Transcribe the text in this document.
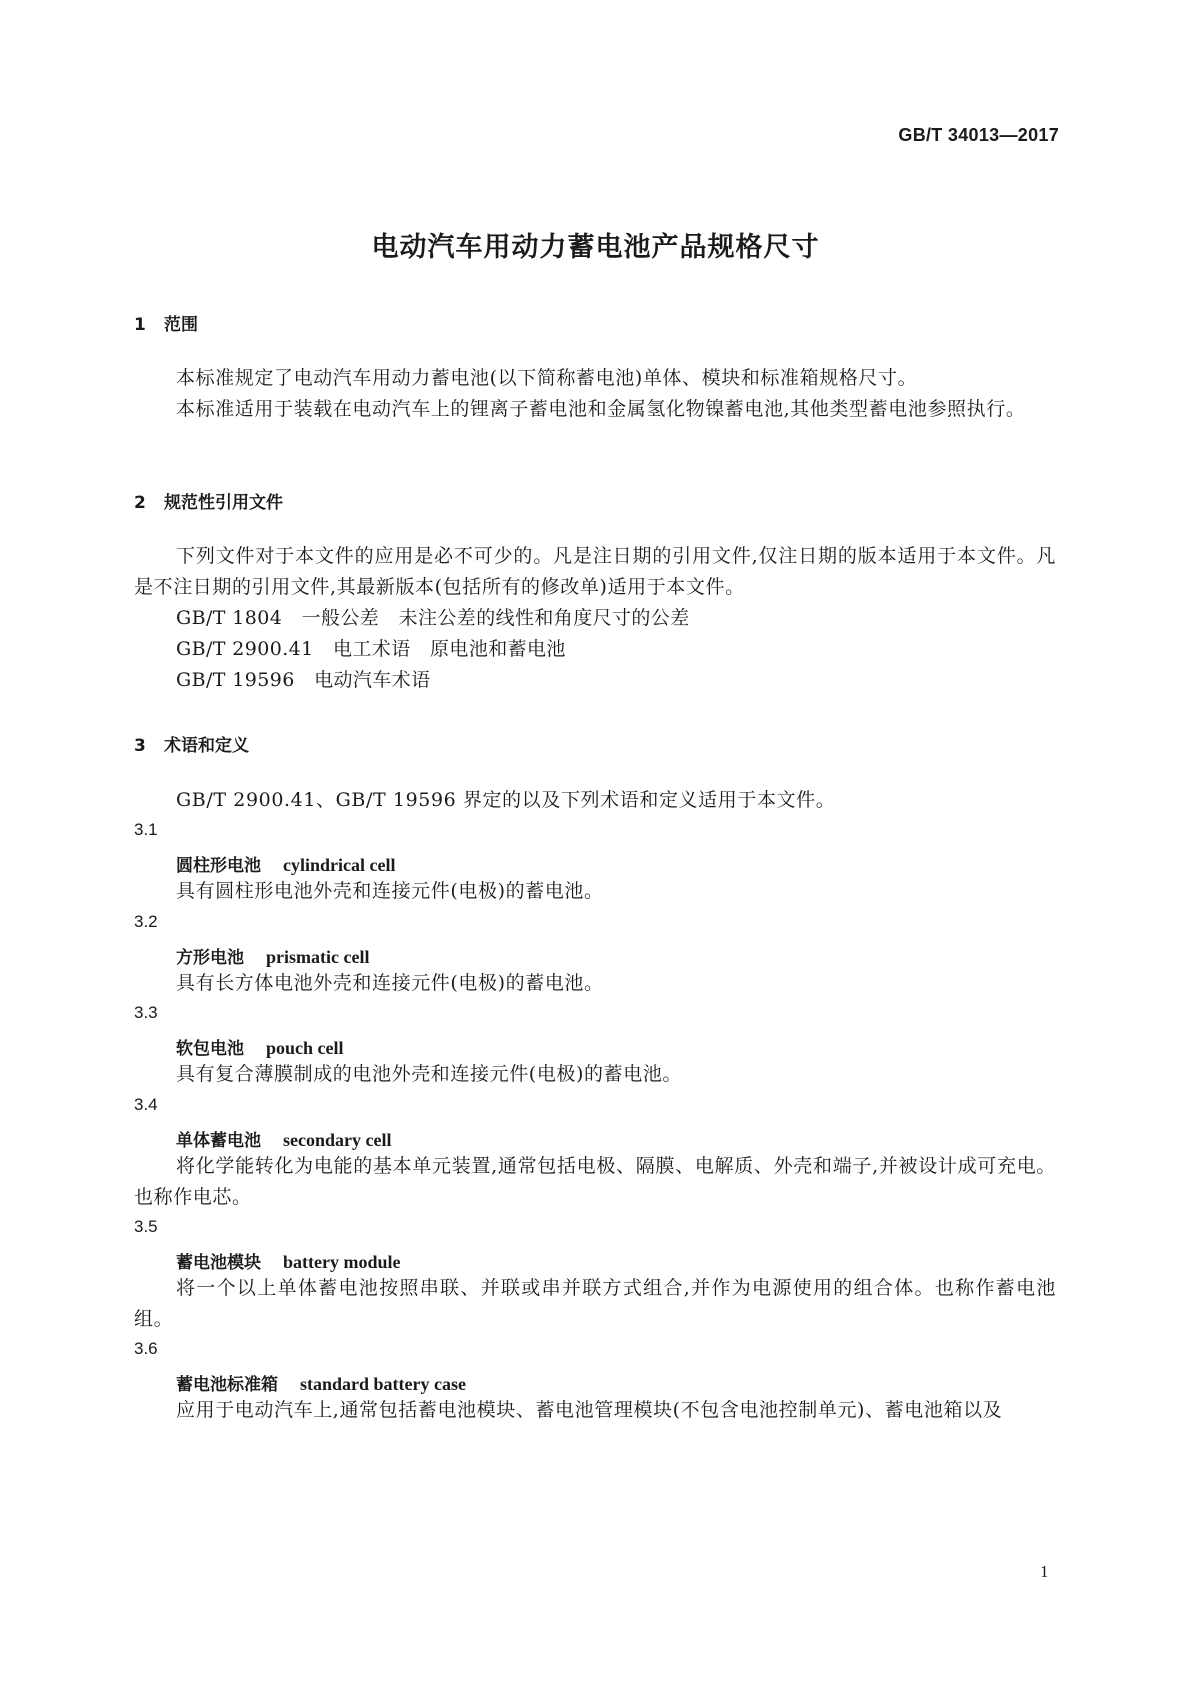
GB/T 34013—2017
电动汽车用动力蓄电池产品规格尺寸
1 范围

本标准规定了电动汽车用动力蓄电池(以下简称蓄电池)单体、模块和标准箱规格尺寸。

本标准适用于装载在电动汽车上的锂离子蓄电池和金属氢化物镍蓄电池,其他类型蓄电池参照执行。

2 规范性引用文件

下列文件对于本文件的应用是必不可少的。凡是注日期的引用文件,仅注日期的版本适用于本文件。凡是不注日期的引用文件,其最新版本(包括所有的修改单)适用于本文件。

GB/T 1804　一般公差　未注公差的线性和角度尺寸的公差

GB/T 2900.41　电工术语　原电池和蓄电池

GB/T 19596　电动汽车术语

3 术语和定义

GB/T 2900.41、GB/T 19596 界定的以及下列术语和定义适用于本文件。

3.1
圆柱形电池 cylindrical cell

具有圆柱形电池外壳和连接元件(电极)的蓄电池。

3.2
方形电池 prismatic cell

具有长方体电池外壳和连接元件(电极)的蓄电池。

3.3
软包电池 pouch cell

具有复合薄膜制成的电池外壳和连接元件(电极)的蓄电池。

3.4
单体蓄电池 secondary cell

将化学能转化为电能的基本单元装置,通常包括电极、隔膜、电解质、外壳和端子,并被设计成可充电。也称作电芯。

3.5
蓄电池模块 battery module

将一个以上单体蓄电池按照串联、并联或串并联方式组合,并作为电源使用的组合体。也称作蓄电池组。

3.6
蓄电池标准箱 standard battery case

应用于电动汽车上,通常包括蓄电池模块、蓄电池管理模块(不包含电池控制单元)、蓄电池箱以及

1
